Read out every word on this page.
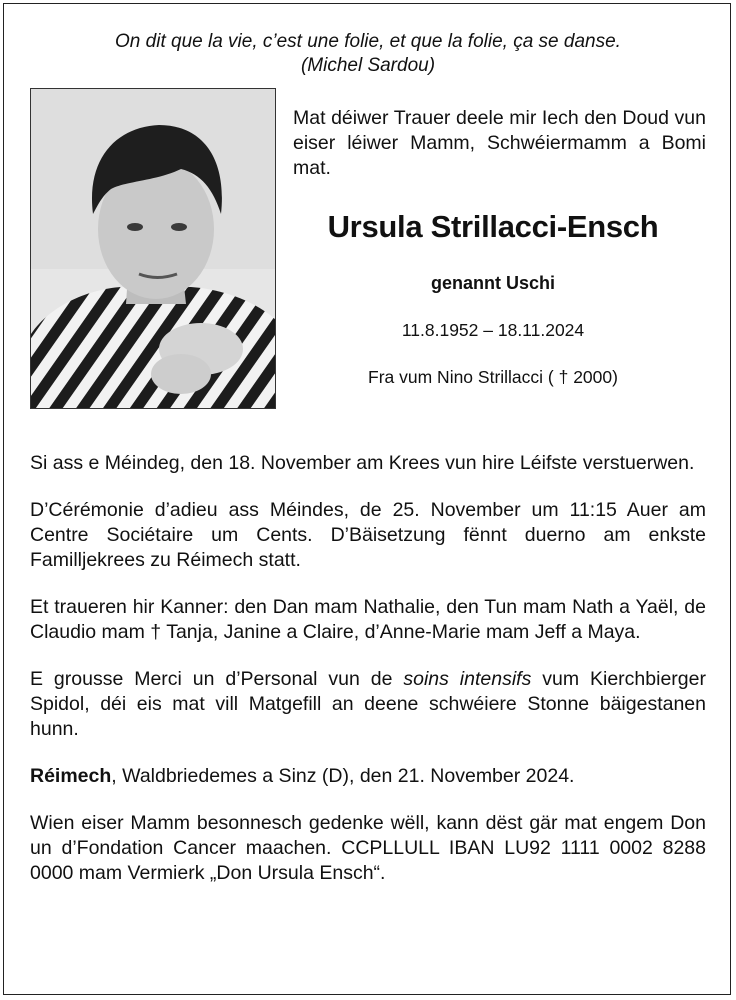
On dit que la vie, c’est une folie, et que la folie, ça se danse.
(Michel Sardou)
Mat déiwer Trauer deele mir Iech den Doud vun eiser léiwer Mamm, Schwéiermamm a Bomi mat.
Ursula Strillacci-Ensch
genannt Uschi
11.8.1952 – 18.11.2024
Fra vum Nino Strillacci ( † 2000)

Si ass e Méindeg, den 18. November am Krees vun hire Léifste verstuerwen.

D’Cérémonie d’adieu ass Méindes, de 25. November um 11:15 Auer am Centre Sociétaire um Cents. D’Bäisetzung fënnt duerno am enkste Famillјekrees zu Réimech statt.

Et traueren hir Kanner: den Dan mam Nathalie, den Tun mam Nath a Yaël, de Claudio mam † Tanja, Janine a Claire, d’Anne-Marie mam Jeff a Maya.

E grousse Merci un d’Personal vun de soins intensifs vum Kierchbierger Spidol, déi eis mat vill Matgefill an deene schwéiere Stonne bäigestanen hunn.

Réimech, Waldbriedemes a Sinz (D), den 21. November 2024.

Wien eiser Mamm besonnesch gedenke wëll, kann dëst gär mat engem Don un d’Fondation Cancer maachen. CCPLLULL IBAN LU92 1111 0002 8288 0000 mam Vermierk „Don Ursula Ensch“.
